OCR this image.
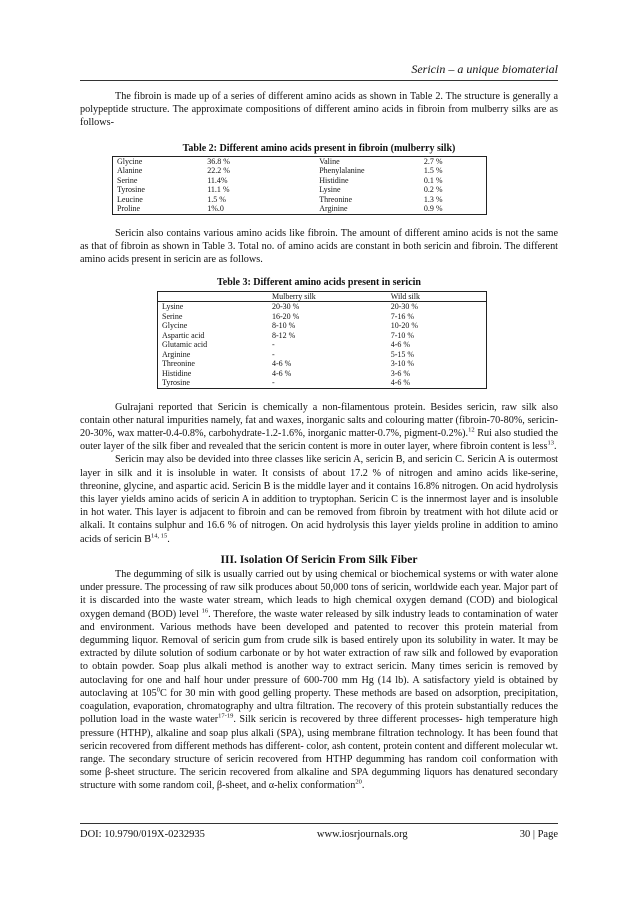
Sericin – a unique biomaterial

The fibroin is made up of a series of different amino acids as shown in Table 2. The structure is generally a polypeptide structure. The approximate compositions of different amino acids in fibroin from mulberry silks are as follows-

Table 2: Different amino acids present in fibroin (mulberry silk)
Glycine	36.8 %	Valine	2.7 %
Alanine	22.2 %	Phenylalanine	1.5 %
Serine	11.4%	Histidine	0.1 %
Tyrosine	11.1 %	Lysine	0.2 %
Leucine	1.5 %	Threonine	1.3 %
Proline	1%.0	Arginine	0.9 %

Sericin also contains various amino acids like fibroin. The amount of different amino acids is not the same as that of fibroin as shown in Table 3. Total no. of amino acids are constant in both sericin and fibroin. The different amino acids present in sericin are as follows.

Teble 3: Different amino acids present in sericin
	Mulberry silk	Wild silk
Lysine	20-30 %	20-30 %
Serine	16-20 %	7-16 %
Glycine	8-10 %	10-20 %
Aspartic acid	8-12 %	7-10 %
Glutamic acid	-	4-6 %
Arginine	-	5-15 %
Threonine	4-6 %	3-10 %
Histidine	4-6 %	3-6 %
Tyrosine	-	4-6 %

Gulrajani reported that Sericin is chemically a non-filamentous protein. Besides sericin, raw silk also contain other natural impurities namely, fat and waxes, inorganic salts and colouring matter (fibroin-70-80%, sericin-20-30%, wax matter-0.4-0.8%, carbohydrate-1.2-1.6%, inorganic matter-0.7%, pigment-0.2%).$^{12}$ Rui also studied the outer layer of the silk fiber and revealed that the sericin content is more in outer layer, where fibroin content is less$^{13}$.

Sericin may also be devided into three classes like sericin A, sericin B, and sericin C. Sericin A is outermost layer in silk and it is insoluble in water. It consists of about 17.2 % of nitrogen and amino acids like-serine, threonine, glycine, and aspartic acid. Sericin B is the middle layer and it contains 16.8% nitrogen. On acid hydrolysis this layer yields amino acids of sericin A in addition to tryptophan. Sericin C is the innermost layer and is insoluble in hot water. This layer is adjacent to fibroin and can be removed from fibroin by treatment with hot dilute acid or alkali. It contains sulphur and 16.6 % of nitrogen. On acid hydrolysis this layer yields proline in addition to amino acids of sericin B$^{14, 15}$.

III. Isolation Of Sericin From Silk Fiber

The degumming of silk is usually carried out by using chemical or biochemical systems or with water alone under pressure. The processing of raw silk produces about 50,000 tons of sericin, worldwide each year. Major part of it is discarded into the waste water stream, which leads to high chemical oxygen demand (COD) and biological oxygen demand (BOD) level $^{16}$. Therefore, the waste water released by silk industry leads to contamination of water and environment. Various methods have been developed and patented to recover this protein material from degumming liquor. Removal of sericin gum from crude silk is based entirely upon its solubility in water. It may be extracted by dilute solution of sodium carbonate or by hot water extraction of raw silk and followed by evaporation to obtain powder. Soap plus alkali method is another way to extract sericin. Many times sericin is removed by autoclaving for one and half hour under pressure of 600-700 mm Hg (14 lb). A satisfactory yield is obtained by autoclaving at $105^0C$ for 30 min with good gelling property. These methods are based on adsorption, precipitation, coagulation, evaporation, chromatography and ultra filtration. The recovery of this protein substantially reduces the pollution load in the waste water$^{17-19}$. Silk sericin is recovered by three different processes- high temperature high pressure (HTHP), alkaline and soap plus alkali (SPA), using membrane filtration technology. It has been found that sericin recovered from different methods has different- color, ash content, protein content and different molecular wt. range. The secondary structure of sericin recovered from HTHP degumming has random coil conformation with some β-sheet structure. The sericin recovered from alkaline and SPA degumming liquors has denatured secondary structure with some random coil, β-sheet, and α-helix conformation$^{20}$.

DOI: 10.9790/019X-0232935	www.iosrjournals.org	30 | Page
